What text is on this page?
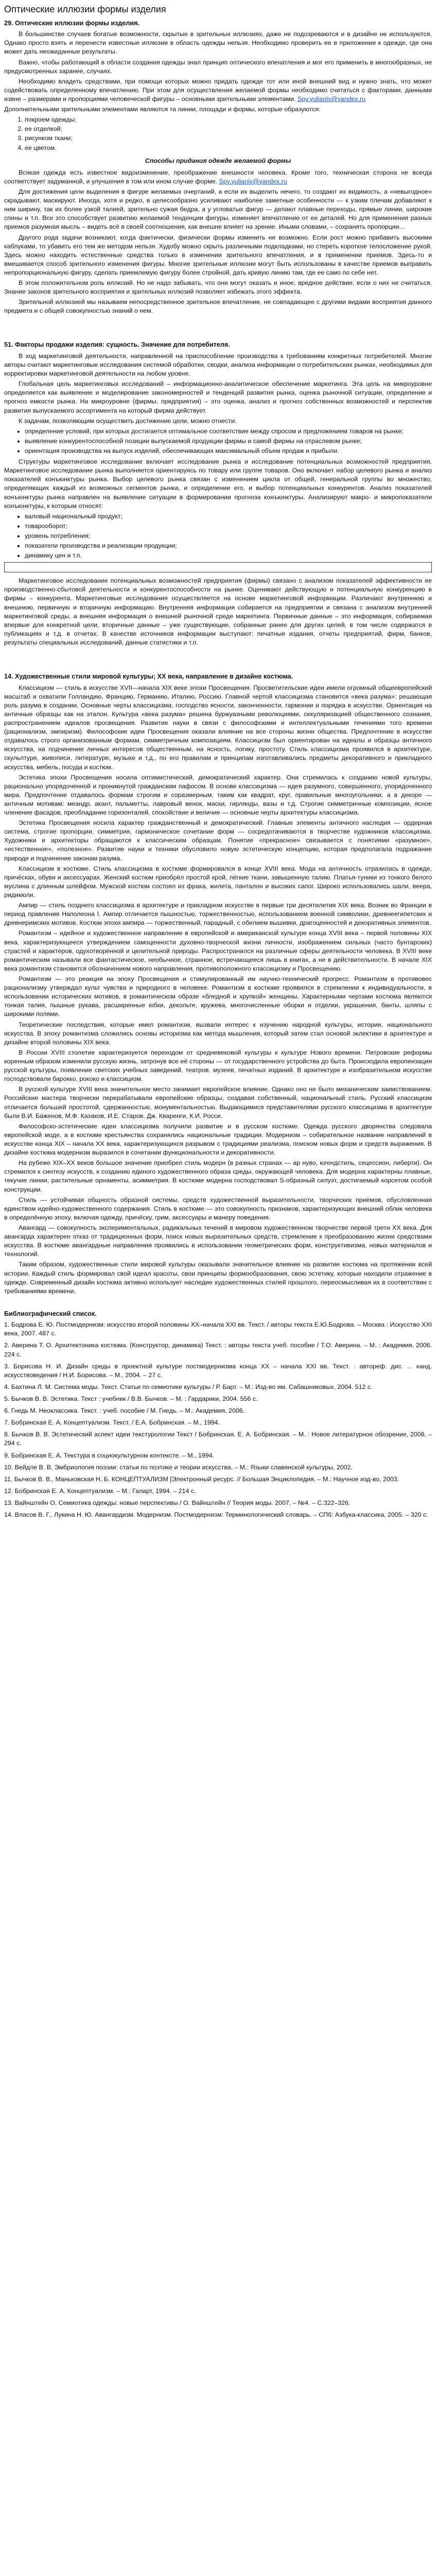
Оптические иллюзии формы изделия
29. Оптические иллюзии формы изделия.

В большинстве случаев богатые возможности, скрытые в зрительных иллюзиях, даже не подозреваются и в дизайне не используются. Однако просто взять и перенести известные иллюзии в область одежды нельзя. Необходимо проверить ее в приложении к одежде, где она может дать неожиданные результаты.

Важно, чтобы работающий в области создания одежды знал принцип оптического впечатления и мог его применить в многообразных, не предусмотренных заранее, случаях.

Необходимо владеть средствами, при помощи которых можно придать одежде тот или иной внешний вид и нужно знать, что может содействовать определенному впечатлению. При этом для осуществления желаемой формы необходимо считаться с факторами, данными извне – размерами и пропорциями человеческой фигуры – основными зрительными элементами. Spy.yulianiv@yandex.ru

Дополнительными зрительными элементами являются та линии, площади и формы, которые образуются:

1. покроем одежды;
2. ее отделкой;
3. рисунком ткани;
4. ее цветом.
Способы придания одежде желаемой формы

Всякая одежда есть известное видоизменение, преображение внешности человека. Кроме того, техническая сторона не всегда соответствует задуманной, и улучшения в том или ином случае форме. Spy.yulianiv@yandex.ru

Для достижения цели выделения в фигуре желаемых очертаний, а если их выделить нечего, то создают их видимость, а «невыгодное» скрадывают, маскируют. Иногда, хотя и редко, в целесообразно усиливают наиболее заметные особенности — к узким плечам добавляют к ним ширину, так их более узкой талией, зрительно сужая бедра, а у угловатых фигур — делают плавные переходы, прямые линии, широкие спины и т.п. Все это способствует развитию желаемой тенденции фигуры, изменяет впечатление от ее деталей. Но для применения разных приемов разумная мысль – видеть всё в своей соотношения, как внешне влияет на зрение. Иными словами, – сохранять пропорции...

Другого рода задачи возникают, когда фактически, физически формы изменить не возможно. Если рост можно прибавить высокими каблуками, то убавить его тем же методом нельзя. Худобу можно скрыть различными подкладками, но стереть короткое телосложение рукой. Здесь можно находить естественные средства только в изменении зрительного впечатления, и в применении приемов. Здесь-то и вмешивается способ зрительного изменения фигуры. Многие зрительные иллюзии могут быть использованы в качестве приемов выправить непропорциональную фигуру, сделать приемлемую фигуру более стройной, дать кривую линию там, где ее само по себе нет.

В этом положительном роль иллюзий. Но не надо забывать, что они могут оказать и иное, вредное действие, если о них не считаться. Знание законов зрительного восприятия и зрительных иллюзий позволяет избежать этого эффекта.

Зрительной иллюзией мы называем непосредственное зрительное впечатление, не совпадающее с другими видами восприятия данного предмета и с общей совокупностью знаний о нем.

51. Факторы продажи изделия: сущность. Значение для потребителя.

В ход маркетинговой деятельности, направленной на приспособление производства к требованиям конкретных потребителей. Многие авторы считают маркетинговые исследования системой обработки, сводки, анализа информации о потребительских рынках, необходимых для корректировки маркетинговой деятельности на любом уровне.

Глобальная цель маркетинговых исследований – информационно-аналитическое обеспечение маркетинга. Эта цель на микроуровне определяется как выявление и моделирование закономерностей и тенденций развития рынка, оценка рыночной ситуации, определение и прогноз емкости рынка. На микроуровне (фирмы, предприятия) – это оценка, анализ и прогноз собственных возможностей и перспектив развития выпускаемого ассортимента на который фирма действует.

К задачам, позволяющим осуществить достижение цели, можно отнести:

• определение условий, при которых достигается оптимальное соответствие между спросом и предложением товаров на рынке;
• выявление конкурентоспособной позиции выпускаемой продукции фирмы и самой фирмы на отраслевом рынке;
• ориентация производства на выпуск изделий, обеспечивающих максимальный объем продаж и прибыли.

Структуры маркетинговое исследование включает исследование рынка и исследование потенциальных возможностей предприятия. Маркетинговое исследование рынка выполняется ориентируясь по товару или группе товаров. Оно включает набор целевого рынка и анализ показателей конъюнктуры рынка. Выбор целевого рынка связан с изменением цикла от общей, генеральной группы во множество, определяющих каждый из возможных сегментов рынка, и определении его, и выбор потенциальных конкурентов. Анализ показателей конъюнктуры рынка направлен на выявление ситуации в формировании прогноза конъюнктуры. Анализируют макро- и микропоказатели конъюнктуры, к которым относят:

• валовый национальный продукт;
• товарооборот;
• уровень потребления;
• показатели производства и реализации продукции;
• динамику цен и т.п.

Маркетинговое исследование потенциальных возможностей предприятия (фирмы) связано с анализом показателей эффективности ее производственно-сбытовой деятельности и конкурентоспособности на рынке. Оценивают действующую и потенциальную конкуренцию в фирмы – конкурента. Маркетинговые исследования осуществляется на основе маркетинговой информации. Различают внутреннюю и внешнюю, первичную и вторичную информацию. Внутренняя информация собирается на предприятии и связана с анализом внутренней маркетинговой среды, а внешняя информация о внешней рыночной среде маркетинга. Первичные данные – это информация, собираемая впервые для конкретной цели, вторичные данные – уже существующие, собранные ранее для других целей, в том числе содержатся в публикациях и т.д. в отчетах. В качестве источников информации выступают: печатные издания, отчеты предприятий, фирм, банков, результаты специальных исследований, данные статистики и т.п.

14. Художественные стили мировой культуры; XX века, направление в дизайне костюма.

Классицизм — стиль в искусстве XVII—начала XIX веке эпохи Просвещения. Просветительские идеи имели огромный общеевропейский масштаб и охватили Голландию, Францию, Германию, Италию, Россию. Главной чертой классицизма становится «века разума»: решающая роль разума в создании. Основные черты классицизма: господство ясности, законченности, гармонии и порядка в искусстве. Ориентация на античные образцы как на эталон. Культура «века разума» решена буржуазными революциями, секуляризацией общественного сознания, распространением идеалов просвещения. Развитие науки в связи с философскими и интеллектуальными течениями того времени (рационализм, эмпиризм). Философские идеи Просвещения оказали влияние на все стороны жизни общества. Предпочтение в искусстве отдавалось строго организованным формам, симметричным композициям. Классицизм был ориентирован на идеалы и образцы античного искусства, на подчинение личных интересов общественным, на ясность, логику, простоту. Стиль классицизма проявился в архитектуре, скульптуре, живописи, литературе, музыке и т.д., по его правилам и принципам изготавливались предметы декоративного и прикладного искусства, мебель, посуда и костюм.

Эстетика эпохи Просвещения носила оптимистический, демократический характер. Она стремилась к созданию новой культуры, рационально упорядоченной и проникнутой гражданским пафосом. В основе классицизма — идея разумного, совершенного, упорядоченного мира. Предпочтение отдавалось формам строгим и соразмерным, таким как квадрат, круг, правильные многоугольники, а в декоре — античным мотивам: меандр, акант, пальметты, лавровый венок, маски, гирлянды, вазы и т.д. Строгие симметричные композиции, ясное членение фасадов, преобладание горизонталей, спокойствие и величие — основные черты архитектуры классицизма.

Эстетика Просвещения носила характер гражданственный и демократический. Главные элементы античного наследия — ордерная система, строгие пропорции, симметрия, гармоническое сочетание форм — сосредотачиваются в творчестве художников классицизма. Художники и архитекторы обращаются к классическим образцам. Понятие «прекрасное» связывается с понятиями «разумное», «естественное», «полезное». Развитие науки и техники обусловило новую эстетическую концепцию, которая предполагала подражание природе и подчинение законам разума.

Классицизм в костюме. Стиль классицизма в костюме формировался в конце XVIII века. Мода на античность отразилась в одежде, причёсках, обуви и аксессуарах. Женский костюм приобрёл простой крой, лёгкие ткани, завышенную талию. Платья-туники из тонкого белого муслина с длинным шлейфом. Мужской костюм состоял из фрака, жилета, панталон и высоких сапог. Широко использовались шали, веера, ридикюли.

Ампир — стиль позднего классицизма в архитектуре и прикладном искусстве в первые три десятилетия XIX века. Возник во Франции в период правления Наполеона I. Ампир отличается пышностью, торжественностью, использованием военной символики, древнеегипетских и древнеримских мотивов. Костюм эпохи ампира — торжественный, парадный, с обилием вышивки, драгоценностей и декоративных элементов.

Романтизм – идейное и художественное направление в европейской и американской культуре конца XVIII века – первой половины XIX века, характеризующееся утверждением самоценности духовно-творческой жизни личности, изображением сильных (часто бунтарских) страстей и характеров, одухотворённой и целительной природы. Распространился на различные сферы деятельности человека. В XVIII веке романтическим называли все фантастическое, необычное, странное, встречающееся лишь в книгах, а не в действительности. В начале XIX века романтизм становится обозначением нового направления, противоположного классицизму и Просвещению.

Романтизм — это реакция на эпоху Просвещения и стимулированный им научно-технический прогресс. Романтизм в противовес рационализму утверждал культ чувства и природного в человеке. Романтизм в костюме проявился в стремлении к индивидуальности, в использовании исторических мотивов, в романтическом образе «бледной и хрупкой» женщины. Характерными чертами костюма являются тонкая талия, пышные рукава, расширенные юбки, декольте, кружева, многочисленные оборки и отделки, украшения, банты, шляпы с широкими полями.

Теоретические последствия, которые имел романтизм, вызвали интерес к изучению народной культуры, истории, национального искусства. В эпоху романтизма сложились основы историзма как метода мышления, который затем стал основой эклектики в архитектуре и дизайне второй половины XIX века.

В России XVIII столетие характеризуется переходом от средневековой культуры к культуре Нового времени. Петровские реформы коренным образом изменили русскую жизнь, затронув все её стороны — от государственного устройства до быта. Происходила европеизация русской культуры, появление светских учебных заведений, театров, музеев, печатных изданий. В архитектуре и изобразительном искусстве господствовали барокко, рококо и классицизм.

В русской культуре XVIII века значительное место занимает европейское влияние. Однако оно не было механическим заимствованием. Российские мастера творчески перерабатывали европейские образцы, создавая собственный, национальный стиль. Русский классицизм отличается большей простотой, сдержанностью, монументальностью. Выдающимися представителями русского классицизма в архитектуре были В.И. Баженов, М.Ф. Казаков, И.Е. Старов, Дж. Кваренги, К.И. Росси.

Философско-эстетические идеи классицизма получили развитие и в русском костюме. Одежда русского дворянства следовала европейской моде, а в костюме крестьянства сохранялись национальные традиции. Модернизм – собирательное название направлений в искусстве конца XIX – начала XX века, характеризующихся разрывом с традициями реализма, поиском новых форм и средств выражения. В дизайне костюма модернизм выразился в сочетании функциональности и декоративности.

На рубеже XIX–XX веков большое значение приобрел стиль модерн (в разных странах — ар нуво, югендстиль, сецессион, либерти). Он стремился к синтезу искусств, к созданию единого художественного образа среды, окружающей человека. Для модерна характерны плавные, текучие линии, растительные орнаменты, асимметрия. В костюме модерна господствовал S-образный силуэт, достигаемый корсетом особой конструкции.

Стиль — устойчивая общность образной системы, средств художественной выразительности, творческих приёмов, обусловленная единством идейно-художественного содержания. Стиль в костюме — это совокупность признаков, характеризующих внешний облик человека в определённую эпоху, включая одежду, причёску, грим, аксессуары и манеру поведения.

Авангард — совокупность экспериментальных, радикальных течений в мировом художественном творчестве первой трети XX века. Для авангарда характерен отказ от традиционных форм, поиск новых выразительных средств, стремление к преобразованию жизни средствами искусства. В костюме авангардные направления проявились в использовании геометрических форм, конструктивизма, новых материалов и технологий.

Таким образом, художественные стили мировой культуры оказывали значительное влияние на развитие костюма на протяжении всей истории. Каждый стиль формировал свой идеал красоты, свои принципы формообразования, свою эстетику, которые находили отражение в одежде. Современный дизайн костюма активно использует наследие художественных стилей прошлого, переосмысливая их в соответствии с требованиями времени.

Библиографический список.

1. Бодрова Е. Ю. Постмодернизм: искусство второй половины XX–начала XXI вв. Текст. / авторы текста Е.Ю.Бодрова. – Москва : Искусство XXI века, 2007. 487 с.

2. Аверина Т. О. Архитектоника костюма. (Конструктор, динамика) Текст. : авторы текста учеб. пособие / Т.О. Аверина. – М. : Академия, 2006. 224 с.

3. Борисова Н. И. Дизайн среды в проектной культуре постмодернизма конца XX – начала XXI вв. Текст. : автореф. дис. ... канд. искусствоведения / Н.И. Борисова. – М., 2004. – 27 с.

4. Бахтина Л. М. Система моды. Текст. Статьи по семиотике культуры / Р. Барт. – М.: Изд-во им. Сабашниковых, 2004. 512 с.

5. Бычков В. В. Эстетика. Текст : учебник / В.В. Бычков. – М. : Гардарики, 2004. 556 с.

6. Гнедь М. Неоклассика. Текст. : учеб. пособие / М. Гнедь. – М.: Академия, 2006.

7. Бобринская Е. А. Концептуализм. Текст. / Е.А. Бобринская. – М., 1994.

8. Бычков В. В. Эстетический аспект идеи текстурологии Текст / Бобринская. Е. А. Бобринская. – М. : Новое литературное обозрение, 2008. – 294 с.

9. Бобринская Е. А. Текстура в социокультурном контексте. – М., 1994.

10. Вейдле В. В. Эмбриология поэзии: статьи по поэтике и теории искусства. – М.: Языки славянской культуры, 2002.

11. Бычков В. В., Маньковская Н. Б. КОНЦЕПТУАЛИЗМ [Электронный ресурс. // Большая Энциклопедия. – М.: Научное изд-во, 2003.

12. Бобринская Е. А. Концептуализм. – М.: Галарт, 1994. – 214 с.

13. Вайнштейн О. Семиотика одежды: новые перспективы / О. Вайнштейн // Теория моды. 2007. – №4. – С.322–326.

14. Власов В. Г., Лукина Н. Ю. Авангардизм. Модернизм. Постмодернизм: Терминологический словарь. – СПб: Азбука-классика, 2005. – 320 с.
